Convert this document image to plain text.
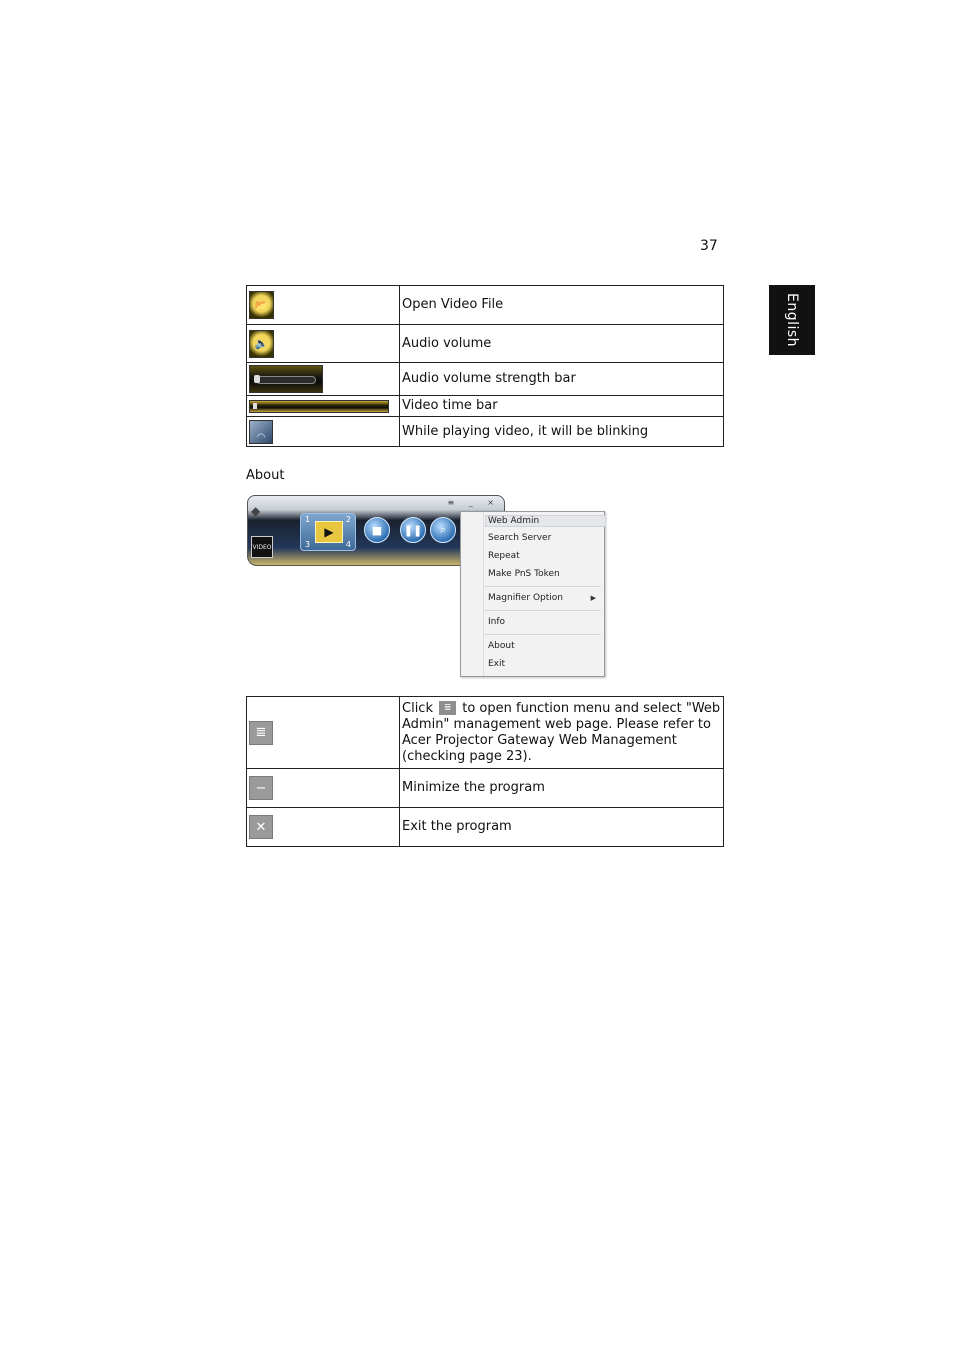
37
English
📂	Open Video File

🔈	Audio volume

	Audio volume strength bar

	Video time bar

◠	While playing video, it will be blinking
About
◆
VIDEO
≡ _ ×
1	2
3	4
▶	■	❚❚	⌕
Web Admin
Search Server
Repeat
Make PnS Token
Magnifier Option	▶
Info
About
Exit
≣	Click ≣ to open function menu and select "Web Admin" management web page. Please refer to Acer Projector Gateway Web Management (checking page 23).

−	Minimize the program

✕	Exit the program
